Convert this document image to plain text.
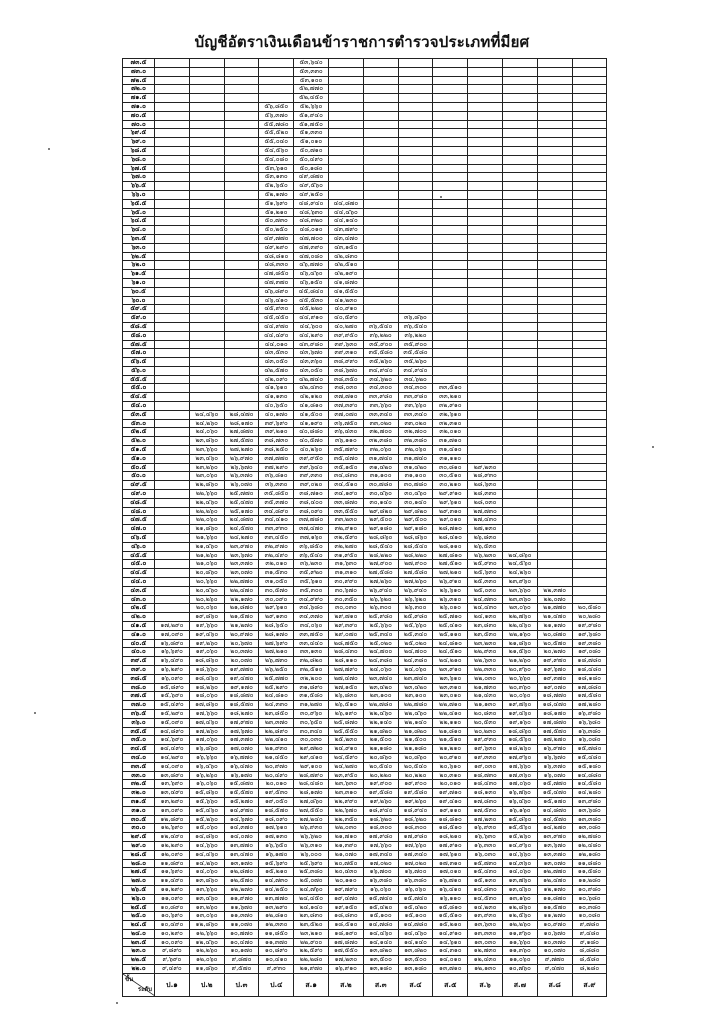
บัญชีอัตราเงินเดือนข้าราชการตำรวจประเภทที่มียศ
๗๓.๕					๕๓,๖๔๐								
๗๓.๐					๕๓,๓๓๐								
๗๒.๕					๕๓,๑๐๐								
๗๒.๐					๕๒,๗๗๐								
๗๑.๕					๕๒,๔๕๐								
๗๑.๐				๕๖,๘๕๐	๕๒,๖๖๐								
๗๐.๕				๕๖,๓๗๐	๕๑,๙๔๐								
๗๐.๐				๕๕,๗๘๐	๕๑,๗๕๐								
๖๙.๕				๕๕,๕๒๐	๕๑,๓๓๐								
๖๙.๐				๕๕,๐๔๐	๕๑,๐๑๐								
๖๘.๕				๕๔,๕๖๐	๕๐,๗๑๐								
๖๘.๐				๕๔,๐๘๐	๕๐,๔๙๐								
๖๗.๕				๕๓,๖๑๐	๕๐,๑๘๐								
๖๗.๐				๕๓,๑๓๐	๔๙,๘๗๐								
๖๖.๕				๕๒,๖๕๐	๔๙,๕๖๐								
๖๖.๐				๕๒,๑๗๐	๔๙,๒๕๐								
๖๕.๕				๕๑,๖๙๐	๔๘,๙๔๐	๔๔,๘๗๐							
๖๕.๐				๕๑,๒๑๐	๔๘,๖๓๐	๔๔,๔๖๐							
๖๔.๕				๕๐,๗๓๐	๔๘,๓๒๐	๔๔,๑๔๐							
๖๔.๐				๕๐,๒๕๐	๔๘,๐๑๐	๔๓,๗๙๐							
๖๓.๕				๔๙,๗๗๐	๔๗,๗๐๐	๔๓,๔๗๐							
๖๓.๐				๔๙,๒๙๐	๔๗,๓๙๐	๔๓,๑๕๐							
๖๒.๕				๔๘,๘๑๐	๔๗,๐๘๐	๔๒,๘๓๐							
๖๒.๐				๔๘,๓๓๐	๔๖,๗๗๐	๔๒,๕๑๐							
๖๑.๕				๔๗,๘๕๐	๔๖,๔๖๐	๔๒,๑๙๐							
๖๑.๐				๔๗,๓๗๐	๔๖,๑๕๐	๔๑,๘๗๐							
๖๐.๕				๔๖,๘๙๐	๔๕,๘๔๐	๔๑,๕๕๐							
๖๐.๐				๔๖,๔๑๐	๔๕,๕๓๐	๔๑,๒๓๐							
๕๙.๕				๔๕,๙๓๐	๔๕,๒๒๐	๔๐,๙๑๐							
๕๙.๐				๔๕,๔๕๐	๔๔,๙๑๐	๔๐,๕๙๐		๓๖,๘๖๐					
๕๘.๕				๔๔,๙๗๐	๔๔,๖๐๐	๔๐,๒๗๐	๓๖,๕๔๐	๓๖,๕๔๐					
๕๘.๐				๔๔,๔๙๐	๔๔,๒๙๐	๓๙,๙๕๐	๓๖,๒๒๐	๓๖,๒๒๐					
๕๗.๕				๔๔,๐๑๐	๔๓,๙๘๐	๓๙,๖๓๐	๓๕,๙๐๐	๓๕,๙๐๐					
๕๗.๐				๔๓,๕๓๐	๔๓,๖๗๐	๓๙,๓๑๐	๓๕,๕๘๐	๓๕,๕๘๐					
๕๖.๕				๔๓,๐๕๐	๔๓,๓๖๐	๓๘,๙๙๐	๓๕,๒๖๐	๓๕,๒๖๐					
๕๖.๐				๔๒,๕๗๐	๔๓,๐๕๐	๓๘,๖๗๐	๓๔,๙๔๐	๓๔,๙๔๐					
๕๕.๕				๔๒,๐๙๐	๔๒,๗๔๐	๓๘,๓๕๐	๓๔,๖๒๐	๓๔,๖๒๐					
๕๕.๐				๔๑,๖๑๐	๔๒,๔๓๐	๓๘,๐๓๐	๓๔,๓๐๐	๓๔,๓๐๐	๓๓,๕๑๐				
๕๔.๕				๔๑,๑๓๐	๔๒,๑๒๐	๓๗,๗๑๐	๓๓,๙๘๐	๓๓,๙๘๐	๓๓,๒๑๐				
๕๔.๐				๔๐,๖๕๐	๔๑,๘๑๐	๓๗,๓๙๐	๓๓,๖๖๐	๓๓,๖๖๐	๓๒,๙๑๐				
๕๓.๕		๒๔,๔๖๐	๒๘,๔๗๐	๔๐,๑๗๐	๔๑,๕๐๐	๓๗,๐๗๐	๓๓,๓๔๐	๓๓,๓๔๐	๓๒,๖๑๐				
๕๓.๐		๒๔,๒๖๐	๒๘,๑๗๐	๓๙,๖๙๐	๔๑,๑๙๐	๓๖,๗๕๐	๓๓,๐๒๐	๓๓,๐๒๐	๓๒,๓๑๐				
๕๒.๕		๒๔,๐๖๐	๒๗,๘๗๐	๓๙,๒๑๐	๔๐,๘๘๐	๓๖,๔๓๐	๓๒,๗๐๐	๓๒,๗๐๐	๓๒,๐๑๐				
๕๒.๐		๒๓,๘๖๐	๒๗,๕๗๐	๓๘,๗๓๐	๔๐,๕๗๐	๓๖,๑๑๐	๓๒,๓๘๐	๓๒,๓๘๐	๓๑,๗๑๐				
๕๑.๕		๒๓,๖๖๐	๒๗,๒๗๐	๓๘,๒๕๐	๔๐,๒๖๐	๓๕,๗๙๐	๓๒,๐๖๐	๓๒,๐๖๐	๓๑,๔๑๐				
๕๑.๐		๒๓,๔๖๐	๒๖,๙๗๐	๓๗,๗๗๐	๓๙,๙๕๐	๓๕,๔๗๐	๓๑,๗๔๐	๓๑,๗๔๐	๓๑,๑๑๐				
๕๐.๕		๒๓,๒๖๐	๒๖,๖๗๐	๓๗,๒๙๐	๓๙,๖๔๐	๓๕,๑๕๐	๓๑,๔๒๐	๓๑,๔๒๐	๓๐,๘๑๐	๒๙,๒๓๐			
๕๐.๐		๒๓,๐๖๐	๒๖,๓๗๐	๓๖,๘๑๐	๓๙,๓๓๐	๓๔,๘๓๐	๓๑,๑๐๐	๓๑,๑๐๐	๓๐,๕๑๐	๒๘,๙๓๐			
๔๙.๕		๒๒,๘๖๐	๒๖,๐๗๐	๓๖,๓๓๐	๓๙,๐๒๐	๓๔,๕๑๐	๓๐,๗๘๐	๓๐,๗๘๐	๓๐,๒๑๐	๒๘,๖๓๐			
๔๙.๐		๒๒,๖๖๐	๒๕,๗๗๐	๓๕,๘๕๐	๓๘,๗๑๐	๓๔,๑๙๐	๓๐,๔๖๐	๓๐,๔๖๐	๒๙,๙๑๐	๒๘,๓๓๐			
๔๘.๕		๒๒,๔๖๐	๒๕,๔๗๐	๓๕,๓๗๐	๓๘,๔๐๐	๓๓,๘๗๐	๓๐,๑๔๐	๓๐,๑๔๐	๒๙,๖๑๐	๒๘,๐๓๐			
๔๘.๐		๒๒,๒๖๐	๒๕,๑๗๐	๓๔,๘๙๐	๓๘,๐๙๐	๓๓,๕๕๐	๒๙,๘๒๐	๒๙,๘๒๐	๒๙,๓๑๐	๒๗,๗๓๐			
๔๗.๕		๒๒,๐๖๐	๒๔,๘๗๐	๓๔,๔๑๐	๓๗,๗๘๐	๓๓,๒๓๐	๒๙,๕๐๐	๒๙,๕๐๐	๒๙,๐๑๐	๒๗,๔๓๐			
๔๗.๐		๒๑,๘๖๐	๒๔,๕๗๐	๓๓,๙๓๐	๓๗,๔๗๐	๓๒,๙๑๐	๒๙,๑๘๐	๒๙,๑๘๐	๒๘,๗๑๐	๒๗,๑๓๐			
๔๖.๕		๒๑,๖๖๐	๒๔,๒๗๐	๓๓,๔๕๐	๓๗,๑๖๐	๓๒,๕๙๐	๒๘,๘๖๐	๒๘,๘๖๐	๒๘,๔๑๐	๒๖,๘๓๐			
๔๖.๐		๒๑,๔๖๐	๒๓,๙๗๐	๓๒,๙๗๐	๓๖,๘๕๐	๓๒,๒๗๐	๒๘,๕๔๐	๒๘,๕๔๐	๒๘,๑๑๐	๒๖,๕๓๐			
๔๕.๕		๒๑,๒๖๐	๒๓,๖๗๐	๓๒,๔๙๐	๓๖,๕๔๐	๓๑,๙๕๐	๒๘,๒๒๐	๒๘,๒๒๐	๒๗,๘๑๐	๒๖,๒๓๐	๒๔,๘๖๐		
๔๕.๐		๒๑,๐๖๐	๒๓,๓๗๐	๓๒,๐๑๐	๓๖,๒๓๐	๓๑,๖๓๐	๒๗,๙๐๐	๒๗,๙๐๐	๒๗,๕๑๐	๒๕,๙๓๐	๒๔,๕๖๐		
๔๔.๕		๒๐,๘๖๐	๒๓,๐๗๐	๓๑,๕๓๐	๓๕,๙๒๐	๓๑,๓๑๐	๒๗,๕๘๐	๒๗,๕๘๐	๒๗,๒๑๐	๒๕,๖๓๐	๒๔,๒๖๐		
๔๔.๐		๒๐,๖๖๐	๒๒,๗๗๐	๓๑,๐๕๐	๓๕,๖๑๐	๓๐,๙๙๐	๒๗,๒๖๐	๒๗,๒๖๐	๒๖,๙๑๐	๒๕,๓๓๐	๒๓,๙๖๐		
๔๓.๕		๒๐,๔๖๐	๒๒,๔๗๐	๓๐,๕๗๐	๓๕,๓๐๐	๓๐,๖๗๐	๒๖,๙๔๐	๒๖,๙๔๐	๒๖,๖๑๐	๒๕,๐๓๐	๒๓,๖๖๐	๒๒,๓๗๐	
๔๓.๐		๒๐,๒๖๐	๒๒,๑๗๐	๓๐,๐๙๐	๓๔,๙๙๐	๓๐,๓๕๐	๒๖,๖๒๐	๒๖,๖๒๐	๒๖,๓๑๐	๒๔,๗๓๐	๒๓,๓๖๐	๒๒,๐๗๐	
๔๒.๕		๒๐,๐๖๐	๒๑,๘๗๐	๒๙,๖๑๐	๓๔,๖๘๐	๓๐,๐๓๐	๒๖,๓๐๐	๒๖,๓๐๐	๒๖,๐๑๐	๒๔,๔๓๐	๒๓,๐๖๐	๒๑,๗๗๐	๒๐,๕๘๐
๔๒.๐		๑๙,๘๖๐	๒๑,๕๗๐	๒๙,๑๓๐	๓๔,๓๗๐	๒๙,๗๑๐	๒๕,๙๘๐	๒๕,๙๘๐	๒๕,๗๑๐	๒๔,๑๓๐	๒๒,๗๖๐	๒๑,๔๗๐	๒๐,๒๘๐
๔๑.๕	๑๗,๒๙๐	๑๙,๖๖๐	๒๑,๒๗๐	๒๘,๖๕๐	๓๔,๐๖๐	๒๙,๓๙๐	๒๕,๖๖๐	๒๕,๖๖๐	๒๕,๔๑๐	๒๓,๘๓๐	๒๒,๔๖๐	๒๑,๑๗๐	๑๙,๙๘๐
๔๑.๐	๑๗,๐๙๐	๑๙,๔๖๐	๒๐,๙๗๐	๒๘,๑๗๐	๓๓,๗๕๐	๒๙,๐๗๐	๒๕,๓๔๐	๒๕,๓๔๐	๒๕,๑๑๐	๒๓,๕๓๐	๒๒,๑๖๐	๒๐,๘๗๐	๑๙,๖๘๐
๔๐.๕	๑๖,๘๙๐	๑๙,๒๖๐	๒๐,๖๗๐	๒๗,๖๙๐	๓๓,๔๔๐	๒๘,๗๕๐	๒๕,๐๒๐	๒๕,๐๒๐	๒๔,๘๑๐	๒๓,๒๓๐	๒๑,๘๖๐	๒๐,๕๗๐	๑๙,๓๘๐
๔๐.๐	๑๖,๖๙๐	๑๙,๐๖๐	๒๐,๓๗๐	๒๗,๒๑๐	๓๓,๑๓๐	๒๘,๔๓๐	๒๔,๗๐๐	๒๔,๗๐๐	๒๔,๕๑๐	๒๒,๙๓๐	๒๑,๕๖๐	๒๐,๒๗๐	๑๙,๐๘๐
๓๙.๕	๑๖,๔๙๐	๑๘,๘๖๐	๒๐,๐๗๐	๒๖,๗๓๐	๓๒,๘๒๐	๒๘,๑๑๐	๒๔,๓๘๐	๒๔,๓๘๐	๒๔,๒๑๐	๒๒,๖๓๐	๒๑,๒๖๐	๑๙,๙๗๐	๑๘,๗๘๐
๓๙.๐	๑๖,๒๙๐	๑๘,๖๖๐	๑๙,๗๗๐	๒๖,๒๕๐	๓๒,๕๑๐	๒๗,๗๙๐	๒๔,๐๖๐	๒๔,๐๖๐	๒๓,๙๑๐	๒๒,๓๓๐	๒๐,๙๖๐	๑๙,๖๗๐	๑๘,๔๘๐
๓๘.๕	๑๖,๐๙๐	๑๘,๔๖๐	๑๙,๔๗๐	๒๕,๗๗๐	๓๒,๒๐๐	๒๗,๔๗๐	๒๓,๗๔๐	๒๓,๗๔๐	๒๓,๖๑๐	๒๒,๐๓๐	๒๐,๖๖๐	๑๙,๓๗๐	๑๘,๑๘๐
๓๘.๐	๑๕,๘๙๐	๑๘,๒๖๐	๑๙,๑๗๐	๒๕,๒๙๐	๓๑,๘๙๐	๒๗,๑๕๐	๒๓,๔๒๐	๒๓,๔๒๐	๒๓,๓๑๐	๒๑,๗๓๐	๒๐,๓๖๐	๑๙,๐๗๐	๑๗,๘๘๐
๓๗.๕	๑๕,๖๙๐	๑๘,๐๖๐	๑๘,๘๗๐	๒๔,๘๑๐	๓๑,๕๘๐	๒๖,๘๓๐	๒๓,๑๐๐	๒๓,๑๐๐	๒๓,๐๑๐	๒๑,๔๓๐	๒๐,๐๖๐	๑๘,๗๗๐	๑๗,๕๘๐
๓๗.๐	๑๕,๔๙๐	๑๗,๘๖๐	๑๘,๕๗๐	๒๔,๓๓๐	๓๑,๒๗๐	๒๖,๕๑๐	๒๒,๗๘๐	๒๒,๗๘๐	๒๒,๗๑๐	๒๑,๑๓๐	๑๙,๗๖๐	๑๘,๔๗๐	๑๗,๒๘๐
๓๖.๕	๑๕,๒๙๐	๑๗,๖๖๐	๑๘,๒๗๐	๒๓,๘๕๐	๓๐,๙๖๐	๒๖,๑๙๐	๒๒,๔๖๐	๒๒,๔๖๐	๒๒,๔๑๐	๒๐,๘๓๐	๑๙,๔๖๐	๑๘,๑๗๐	๑๖,๙๘๐
๓๖.๐	๑๕,๐๙๐	๑๗,๔๖๐	๑๗,๙๗๐	๒๓,๓๗๐	๓๐,๖๕๐	๒๕,๘๗๐	๒๒,๑๔๐	๒๒,๑๔๐	๒๒,๑๑๐	๒๐,๕๓๐	๑๙,๑๖๐	๑๗,๘๗๐	๑๖,๖๘๐
๓๕.๕	๑๔,๘๙๐	๑๗,๒๖๐	๑๗,๖๗๐	๒๒,๘๙๐	๓๐,๓๔๐	๒๕,๕๕๐	๒๑,๘๒๐	๒๑,๘๒๐	๒๑,๘๑๐	๒๐,๒๓๐	๑๘,๘๖๐	๑๗,๕๗๐	๑๖,๓๘๐
๓๕.๐	๑๔,๖๙๐	๑๗,๐๖๐	๑๗,๓๗๐	๒๒,๔๑๐	๓๐,๐๓๐	๒๕,๒๓๐	๒๑,๕๐๐	๒๑,๕๐๐	๒๑,๕๑๐	๑๙,๙๓๐	๑๘,๕๖๐	๑๗,๒๗๐	๑๖,๐๘๐
๓๔.๕	๑๔,๔๙๐	๑๖,๘๖๐	๑๗,๐๗๐	๒๑,๙๓๐	๒๙,๗๒๐	๒๔,๙๑๐	๒๑,๑๘๐	๒๑,๑๘๐	๒๑,๒๑๐	๑๙,๖๓๐	๑๘,๒๖๐	๑๖,๙๗๐	๑๕,๗๘๐
๓๔.๐	๑๔,๒๙๐	๑๖,๖๖๐	๑๖,๗๗๐	๒๑,๔๕๐	๒๙,๔๑๐	๒๔,๕๙๐	๒๐,๘๖๐	๒๐,๘๖๐	๒๐,๙๑๐	๑๙,๓๓๐	๑๗,๙๖๐	๑๖,๖๗๐	๑๕,๔๘๐
๓๓.๕	๑๔,๐๙๐	๑๖,๔๖๐	๑๖,๔๗๐	๒๐,๙๗๐	๒๙,๑๐๐	๒๔,๒๗๐	๒๐,๕๔๐	๒๐,๕๔๐	๒๐,๖๑๐	๑๙,๐๓๐	๑๗,๖๖๐	๑๖,๓๗๐	๑๕,๑๘๐
๓๓.๐	๑๓,๘๙๐	๑๖,๒๖๐	๑๖,๑๗๐	๒๐,๔๙๐	๒๘,๗๙๐	๒๓,๙๕๐	๒๐,๒๒๐	๒๐,๒๒๐	๒๐,๓๑๐	๑๘,๗๓๐	๑๗,๓๖๐	๑๖,๐๗๐	๑๔,๘๘๐
๓๒.๕	๑๓,๖๙๐	๑๖,๐๖๐	๑๕,๘๗๐	๒๐,๐๑๐	๒๘,๔๘๐	๒๓,๖๓๐	๑๙,๙๐๐	๑๙,๙๐๐	๒๐,๐๑๐	๑๘,๔๓๐	๑๗,๐๖๐	๑๕,๗๗๐	๑๔,๕๘๐
๓๒.๐	๑๓,๔๙๐	๑๕,๘๖๐	๑๕,๕๗๐	๑๙,๕๓๐	๒๘,๑๗๐	๒๓,๓๑๐	๑๙,๕๘๐	๑๙,๕๘๐	๑๙,๗๑๐	๑๘,๑๓๐	๑๖,๗๖๐	๑๕,๔๗๐	๑๔,๒๘๐
๓๑.๕	๑๓,๒๙๐	๑๕,๖๖๐	๑๕,๒๗๐	๑๙,๐๕๐	๒๗,๘๖๐	๒๒,๙๙๐	๑๙,๒๖๐	๑๙,๒๖๐	๑๙,๔๑๐	๑๗,๘๓๐	๑๖,๔๖๐	๑๕,๑๗๐	๑๓,๙๘๐
๓๑.๐	๑๓,๐๙๐	๑๕,๔๖๐	๑๔,๙๗๐	๑๘,๕๗๐	๒๗,๕๕๐	๒๒,๖๗๐	๑๘,๙๔๐	๑๘,๙๔๐	๑๙,๑๑๐	๑๗,๕๓๐	๑๖,๑๖๐	๑๔,๘๗๐	๑๓,๖๘๐
๓๐.๕	๑๒,๘๙๐	๑๕,๒๖๐	๑๔,๖๗๐	๑๘,๐๙๐	๒๗,๒๔๐	๒๒,๓๕๐	๑๘,๖๒๐	๑๘,๖๒๐	๑๘,๘๑๐	๑๗,๒๓๐	๑๕,๘๖๐	๑๔,๕๗๐	๑๓,๓๘๐
๓๐.๐	๑๒,๖๙๐	๑๕,๐๖๐	๑๔,๓๗๐	๑๗,๖๑๐	๒๖,๙๓๐	๒๒,๐๓๐	๑๘,๓๐๐	๑๘,๓๐๐	๑๘,๕๑๐	๑๖,๙๓๐	๑๕,๕๖๐	๑๔,๒๗๐	๑๓,๐๘๐
๒๙.๕	๑๒,๔๙๐	๑๔,๘๖๐	๑๔,๐๗๐	๑๗,๑๓๐	๒๖,๖๒๐	๒๑,๗๑๐	๑๗,๙๘๐	๑๗,๙๘๐	๑๘,๒๑๐	๑๖,๖๓๐	๑๕,๒๖๐	๑๓,๙๗๐	๑๒,๗๘๐
๒๙.๐	๑๒,๒๙๐	๑๔,๖๖๐	๑๓,๗๗๐	๑๖,๖๕๐	๒๖,๓๑๐	๒๑,๓๙๐	๑๗,๖๖๐	๑๗,๖๖๐	๑๗,๙๑๐	๑๖,๓๓๐	๑๔,๙๖๐	๑๓,๖๗๐	๑๒,๔๘๐
๒๘.๕	๑๒,๐๙๐	๑๔,๔๖๐	๑๓,๔๗๐	๑๖,๑๗๐	๒๖,๐๐๐	๒๑,๐๗๐	๑๗,๓๔๐	๑๗,๓๔๐	๑๗,๖๑๐	๑๖,๐๓๐	๑๔,๖๖๐	๑๓,๓๗๐	๑๒,๑๘๐
๒๘.๐	๑๑,๘๙๐	๑๔,๒๖๐	๑๓,๑๗๐	๑๕,๖๙๐	๒๕,๖๙๐	๒๐,๗๕๐	๑๗,๐๒๐	๑๗,๐๒๐	๑๗,๓๑๐	๑๕,๗๓๐	๑๔,๓๖๐	๑๓,๐๗๐	๑๑,๘๘๐
๒๗.๕	๑๑,๖๙๐	๑๔,๐๖๐	๑๒,๘๗๐	๑๕,๒๑๐	๒๕,๓๘๐	๒๐,๔๓๐	๑๖,๗๐๐	๑๖,๗๐๐	๑๗,๐๑๐	๑๕,๔๓๐	๑๔,๐๖๐	๑๒,๗๗๐	๑๑,๕๘๐
๒๗.๐	๑๑,๔๙๐	๑๓,๘๖๐	๑๒,๕๗๐	๑๔,๗๓๐	๒๕,๐๗๐	๒๐,๑๑๐	๑๖,๓๘๐	๑๖,๓๘๐	๑๖,๗๑๐	๑๕,๑๓๐	๑๓,๗๖๐	๑๒,๔๗๐	๑๑,๒๘๐
๒๖.๕	๑๑,๒๙๐	๑๓,๖๖๐	๑๒,๒๗๐	๑๔,๒๕๐	๒๔,๗๖๐	๑๙,๗๙๐	๑๖,๐๖๐	๑๖,๐๖๐	๑๖,๔๑๐	๑๔,๘๓๐	๑๓,๔๖๐	๑๒,๑๗๐	๑๐,๙๘๐
๒๖.๐	๑๑,๐๙๐	๑๓,๔๖๐	๑๑,๙๗๐	๑๓,๗๗๐	๒๔,๔๕๐	๑๙,๔๗๐	๑๕,๗๔๐	๑๕,๗๔๐	๑๖,๑๑๐	๑๔,๕๓๐	๑๓,๑๖๐	๑๑,๘๗๐	๑๐,๖๘๐
๒๕.๕	๑๐,๘๙๐	๑๓,๒๖๐	๑๑,๖๗๐	๑๓,๒๙๐	๒๔,๑๔๐	๑๙,๑๕๐	๑๕,๔๒๐	๑๕,๔๒๐	๑๕,๘๑๐	๑๔,๒๓๐	๑๒,๘๖๐	๑๑,๕๗๐	๑๐,๓๘๐
๒๕.๐	๑๐,๖๙๐	๑๓,๐๖๐	๑๑,๓๗๐	๑๒,๘๑๐	๒๓,๘๓๐	๑๘,๘๓๐	๑๕,๑๐๐	๑๕,๑๐๐	๑๕,๕๑๐	๑๓,๙๓๐	๑๒,๕๖๐	๑๑,๒๗๐	๑๐,๐๘๐
๒๔.๕	๑๐,๔๙๐	๑๒,๘๖๐	๑๑,๐๗๐	๑๒,๓๓๐	๒๓,๕๒๐	๑๘,๕๑๐	๑๔,๗๘๐	๑๔,๗๘๐	๑๕,๒๑๐	๑๓,๖๓๐	๑๒,๒๖๐	๑๐,๙๗๐	๙,๗๘๐
๒๔.๐	๑๐,๒๙๐	๑๒,๖๖๐	๑๐,๗๗๐	๑๑,๘๕๐	๒๓,๒๑๐	๑๘,๑๙๐	๑๔,๔๖๐	๑๔,๔๖๐	๑๔,๙๑๐	๑๓,๓๓๐	๑๑,๙๖๐	๑๐,๖๗๐	๙,๔๘๐
๒๓.๕	๑๐,๐๙๐	๑๒,๔๖๐	๑๐,๔๗๐	๑๑,๓๗๐	๒๒,๙๐๐	๑๗,๘๗๐	๑๔,๑๔๐	๑๔,๑๔๐	๑๔,๖๑๐	๑๓,๐๓๐	๑๑,๖๖๐	๑๐,๓๗๐	๙,๑๘๐
๒๓.๐	๙,๘๙๐	๑๒,๒๖๐	๑๐,๑๗๐	๑๐,๘๙๐	๒๒,๕๙๐	๑๗,๕๕๐	๑๓,๘๒๐	๑๓,๘๒๐	๑๔,๓๑๐	๑๒,๗๓๐	๑๑,๓๖๐	๑๐,๐๗๐	๘,๘๘๐
๒๒.๕	๙,๖๙๐	๑๒,๐๖๐	๙,๘๗๐	๑๐,๔๑๐	๒๒,๒๘๐	๑๗,๒๓๐	๑๓,๕๐๐	๑๓,๕๐๐	๑๔,๐๑๐	๑๒,๔๓๐	๑๑,๐๖๐	๙,๗๗๐	๘,๕๘๐
๒๒.๐	๙,๔๙๐	๑๑,๘๖๐	๙,๕๗๐	๙,๙๓๐	๒๑,๙๗๐	๑๖,๙๑๐	๑๓,๑๘๐	๑๓,๑๘๐	๑๓,๗๑๐	๑๒,๑๓๐	๑๐,๗๖๐	๙,๔๗๐	๘,๒๘๐

ขั้น
ระดับ	ป.๑	ป.๒	ป.๓	ป.๔	ส.๑	ส.๒	ส.๓	ส.๔	ส.๕	ส.๖	ส.๗	ส.๘	ส.๙
